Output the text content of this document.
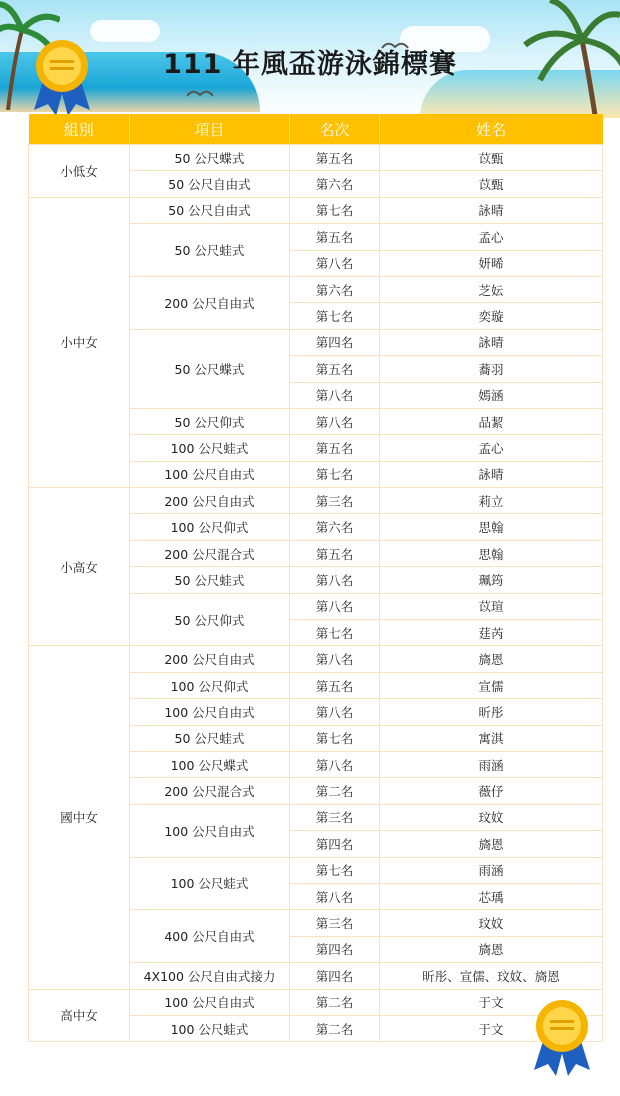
111 年風盃游泳錦標賽
組別	項目	名次	姓名
小低女	50 公尺蝶式	第五名	苡甄
	50 公尺自由式	第六名	苡甄
小中女	50 公尺自由式	第七名	詠晴
	50 公尺蛙式	第五名	孟心
		第八名	妍晞
	200 公尺自由式	第六名	芝妘
		第七名	奕璇
	50 公尺蝶式	第四名	詠晴
		第五名	蕎羽
		第八名	嫣涵
	50 公尺仰式	第八名	品絜
	100 公尺蛙式	第五名	孟心
	100 公尺自由式	第七名	詠晴
小高女	200 公尺自由式	第三名	莉立
	100 公尺仰式	第六名	思翰
	200 公尺混合式	第五名	思翰
	50 公尺蛙式	第八名	珮筠
	50 公尺仰式	第八名	苡瑄
		第七名	莛芮
國中女	200 公尺自由式	第八名	旖恩
	100 公尺仰式	第五名	宣儒
	100 公尺自由式	第八名	昕彤
	50 公尺蛙式	第七名	寓淇
	100 公尺蝶式	第八名	雨涵
	200 公尺混合式	第二名	薇伃
	100 公尺自由式	第三名	玟妏
		第四名	旖恩
	100 公尺蛙式	第七名	雨涵
		第八名	芯瑀
	400 公尺自由式	第三名	玟妏
		第四名	旖恩
	4X100 公尺自由式接力	第四名	昕彤、宣儒、玟妏、旖恩
高中女	100 公尺自由式	第二名	于文
	100 公尺蛙式	第二名	于文
